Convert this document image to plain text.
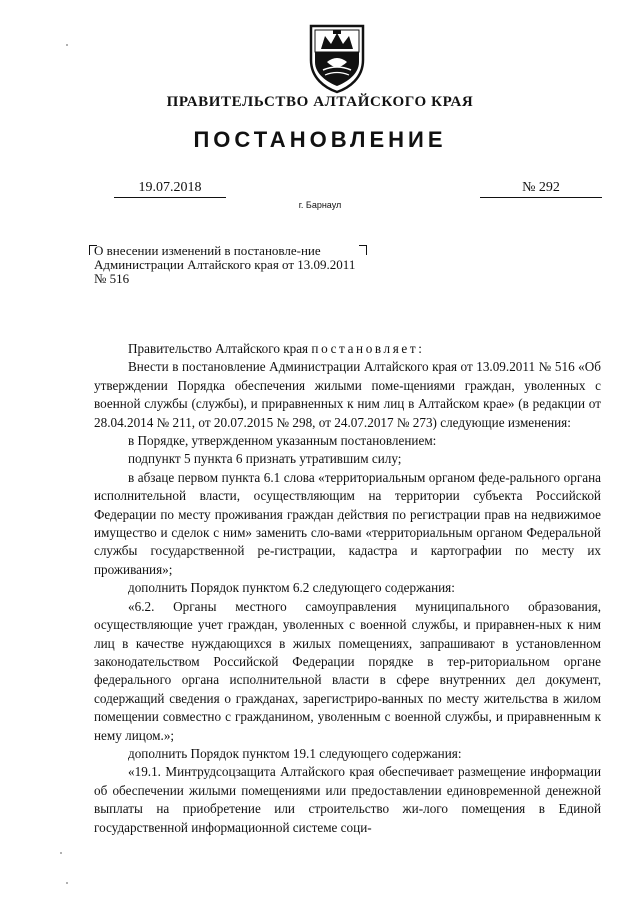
ПРАВИТЕЛЬСТВО АЛТАЙСКОГО КРАЯ
ПОСТАНОВЛЕНИЕ
19.07.2018	№ 292
г. Барнаул
О внесении изменений в постановле-ние Администрации Алтайского края от 13.09.2011 № 516

Правительство Алтайского края постановляет:

Внести в постановление Администрации Алтайского края от 13.09.2011 № 516 «Об утверждении Порядка обеспечения жилыми поме-щениями граждан, уволенных с военной службы (службы), и приравненных к ним лиц в Алтайском крае» (в редакции от 28.04.2014 № 211, от 20.07.2015 № 298, от 24.07.2017 № 273) следующие изменения:

в Порядке, утвержденном указанным постановлением:

подпункт 5 пункта 6 признать утратившим силу;

в абзаце первом пункта 6.1 слова «территориальным органом феде-рального органа исполнительной власти, осуществляющим на территории субъекта Российской Федерации по месту проживания граждан действия по регистрации прав на недвижимое имущество и сделок с ним» заменить сло-вами «территориальным органом Федеральной службы государственной ре-гистрации, кадастра и картографии по месту их проживания»;

дополнить Порядок пунктом 6.2 следующего содержания:

«6.2. Органы местного самоуправления муниципального образования, осуществляющие учет граждан, уволенных с военной службы, и приравнен-ных к ним лиц в качестве нуждающихся в жилых помещениях, запрашивают в установленном законодательством Российской Федерации порядке в тер-риториальном органе федерального органа исполнительной власти в сфере внутренних дел документ, содержащий сведения о гражданах, зарегистриро-ванных по месту жительства в жилом помещении совместно с гражданином, уволенным с военной службы, и приравненным к нему лицом.»;

дополнить Порядок пунктом 19.1 следующего содержания:

«19.1. Минтрудсоцзащита Алтайского края обеспечивает размещение информации об обеспечении жилыми помещениями или предоставлении единовременной денежной выплаты на приобретение или строительство жи-лого помещения в Единой государственной информационной системе соци-
